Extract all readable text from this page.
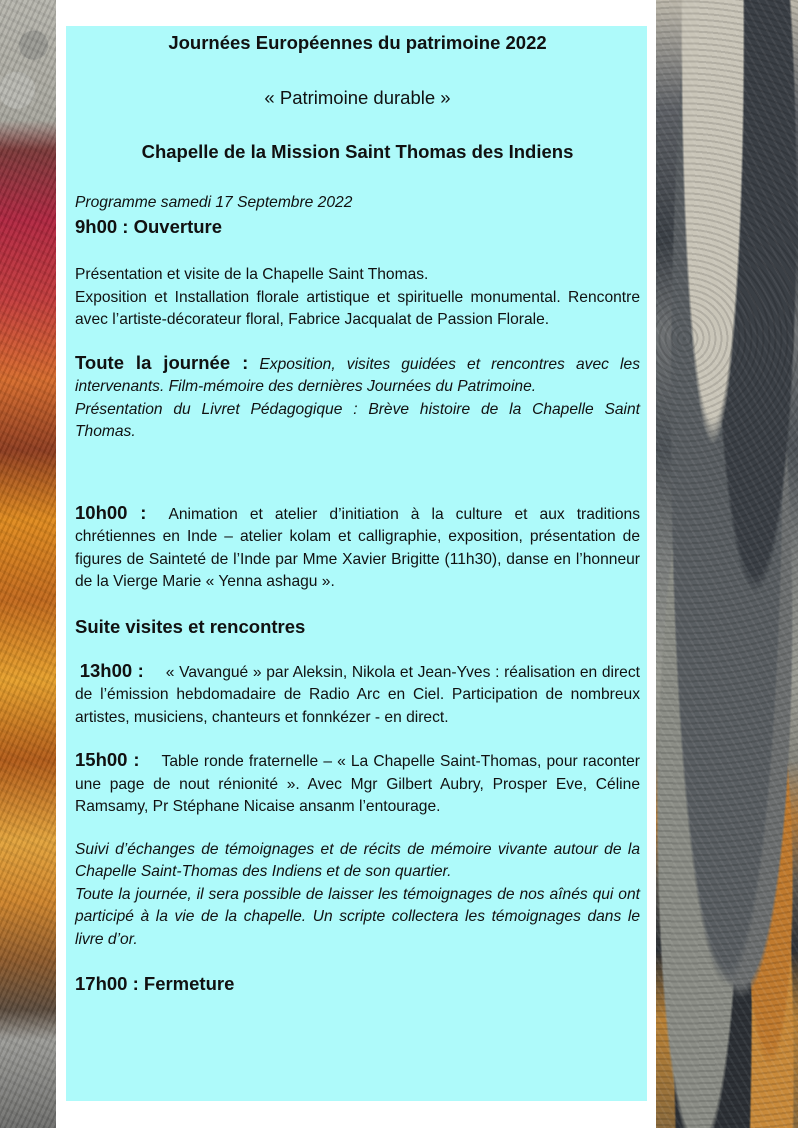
Journées Européennes du patrimoine 2022
« Patrimoine durable »
Chapelle de la Mission Saint Thomas des Indiens
Programme samedi 17 Septembre 2022
9h00 : Ouverture

Présentation et visite de la Chapelle Saint Thomas.

Exposition et Installation florale artistique et spirituelle monumental. Rencontre avec l’artiste-décorateur floral, Fabrice Jacqualat de Passion Florale.

Toute la journée : Exposition, visites guidées et rencontres avec les intervenants. Film-mémoire des dernières Journées du Patrimoine.

Présentation du Livret Pédagogique : Brève histoire de la Chapelle Saint Thomas.

10h00 : Animation et atelier d’initiation à la culture et aux traditions chrétiennes en Inde – atelier kolam et calligraphie, exposition, présentation de figures de Sainteté de l’Inde par Mme Xavier Brigitte (11h30), danse en l’honneur de la Vierge Marie « Yenna ashagu ».

Suite visites et rencontres

13h00 : « Vavangué » par Aleksin, Nikola et Jean-Yves : réalisation en direct de l’émission hebdomadaire de Radio Arc en Ciel. Participation de nombreux artistes, musiciens, chanteurs et fonnkézer - en direct.

15h00 : Table ronde fraternelle – « La Chapelle Saint-Thomas, pour raconter une page de nout rénionité ». Avec Mgr Gilbert Aubry, Prosper Eve, Céline Ramsamy, Pr Stéphane Nicaise ansanm l’entourage.

Suivi d’échanges de témoignages et de récits de mémoire vivante autour de la Chapelle Saint-Thomas des Indiens et de son quartier.

Toute la journée, il sera possible de laisser les témoignages de nos aînés qui ont participé à la vie de la chapelle. Un scripte collectera les témoignages dans le livre d’or.

17h00 : Fermeture
